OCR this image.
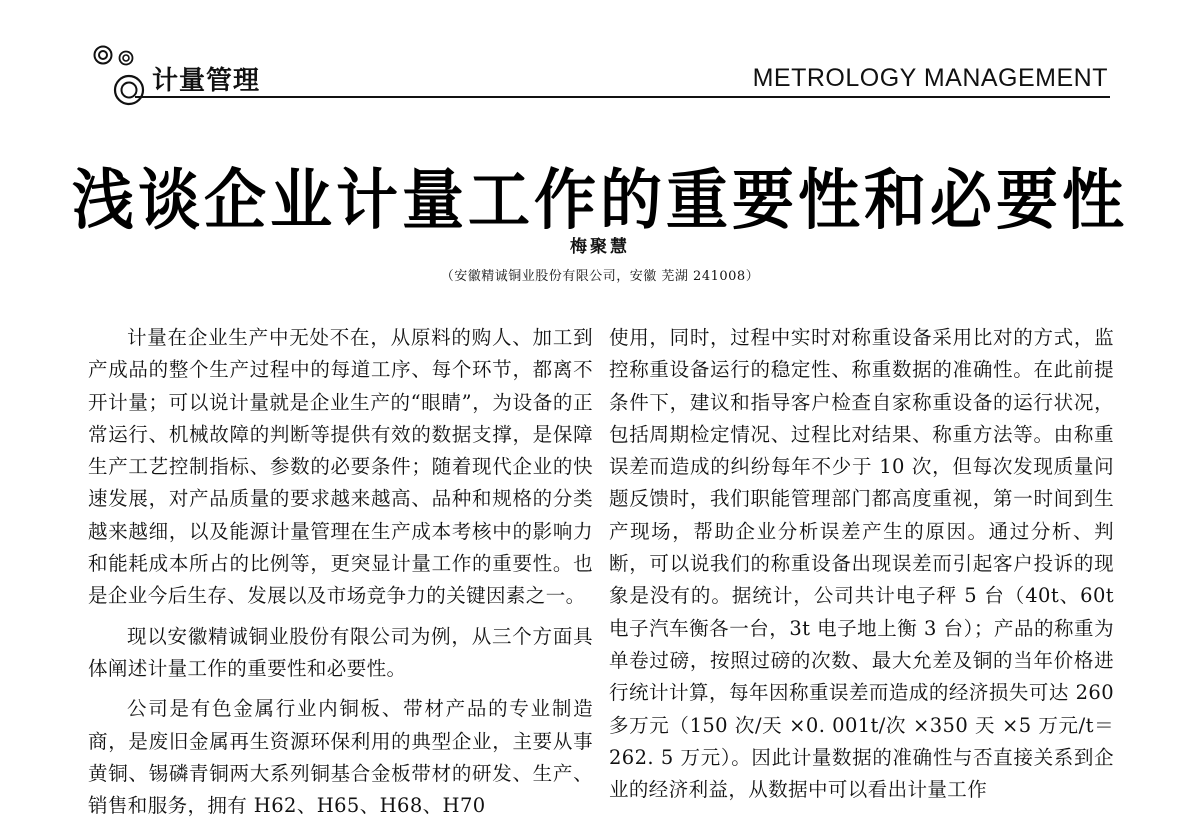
计量管理	METROLOGY MANAGEMENT
浅谈企业计量工作的重要性和必要性
梅聚慧
（安徽精诚铜业股份有限公司，安徽 芜湖 241008）

计量在企业生产中无处不在，从原料的购人、加工到产成品的整个生产过程中的每道工序、每个环节，都离不开计量；可以说计量就是企业生产的“眼睛”，为设备的正常运行、机械故障的判断等提供有效的数据支撑，是保障生产工艺控制指标、参数的必要条件；随着现代企业的快速发展，对产品质量的要求越来越高、品种和规格的分类越来越细，以及能源计量管理在生产成本考核中的影响力和能耗成本所占的比例等，更突显计量工作的重要性。也是企业今后生存、发展以及市场竞争力的关键因素之一。

现以安徽精诚铜业股份有限公司为例，从三个方面具体阐述计量工作的重要性和必要性。

公司是有色金属行业内铜板、带材产品的专业制造商，是废旧金属再生资源环保利用的典型企业，主要从事黄铜、锡磷青铜两大系列铜基合金板带材的研发、生产、销售和服务，拥有 H62、H65、H68、H70

使用，同时，过程中实时对称重设备采用比对的方式，监控称重设备运行的稳定性、称重数据的准确性。在此前提条件下，建议和指导客户检查自家称重设备的运行状况，包括周期检定情况、过程比对结果、称重方法等。由称重误差而造成的纠纷每年不少于 10 次，但每次发现质量问题反馈时，我们职能管理部门都高度重视，第一时间到生产现场，帮助企业分析误差产生的原因。通过分析、判断，可以说我们的称重设备出现误差而引起客户投诉的现象是没有的。据统计，公司共计电子秤 5 台（40t、60t 电子汽车衡各一台，3t 电子地上衡 3 台）；产品的称重为单卷过磅，按照过磅的次数、最大允差及铜的当年价格进行统计计算，每年因称重误差而造成的经济损失可达 260 多万元（150 次/天 ×0. 001t/次 ×350 天 ×5 万元/t＝262. 5 万元）。因此计量数据的准确性与否直接关系到企业的经济利益，从数据中可以看出计量工作
